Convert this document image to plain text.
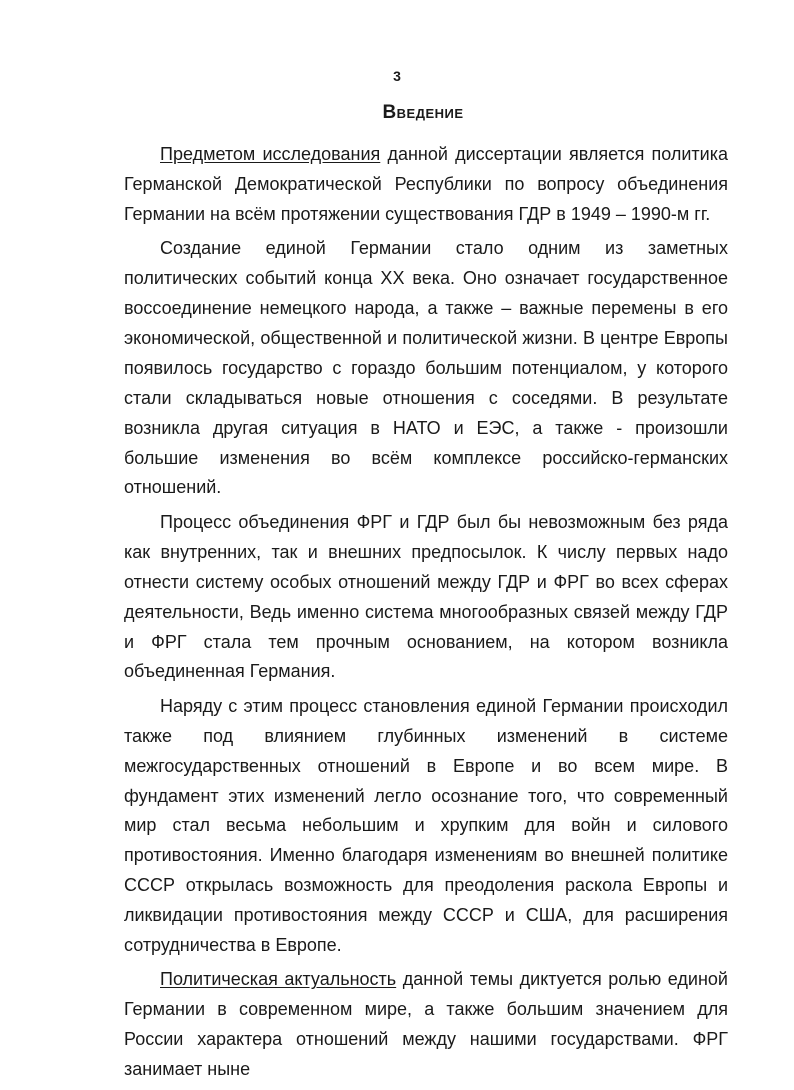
3
Введение

Предметом исследования данной диссертации является политика Германской Демократической Республики по вопросу объединения Германии на всём протяжении существования ГДР в 1949 – 1990-м гг.

Создание единой Германии стало одним из заметных политических событий конца XX века. Оно означает государственное воссоединение немецкого народа, а также – важные перемены в его экономической, общественной и политической жизни. В центре Европы появилось государство с гораздо большим потенциалом, у которого стали складываться новые отношения с соседями. В результате возникла другая ситуация в НАТО и ЕЭС, а также - произошли большие изменения во всём комплексе российско-германских отношений.

Процесс объединения ФРГ и ГДР был бы невозможным без ряда как внутренних, так и внешних предпосылок. К числу первых надо отнести систему особых отношений между ГДР и ФРГ во всех сферах деятельности, Ведь именно система многообразных связей между ГДР и ФРГ стала тем прочным основанием, на котором возникла объединенная Германия.

Наряду с этим процесс становления единой Германии происходил также под влиянием глубинных изменений в системе межгосударственных отношений в Европе и во всем мире. В фундамент этих изменений легло осознание того, что современный мир стал весьма небольшим и хрупким для войн и силового противостояния. Именно благодаря изменениям во внешней политике СССР открылась возможность для преодоления раскола Европы и ликвидации противостояния между СССР и США, для расширения сотрудничества в Европе.

Политическая актуальность данной темы диктуется ролью единой Германии в современном мире, а также большим значением для России характера отношений между нашими государствами. ФРГ занимает ныне
